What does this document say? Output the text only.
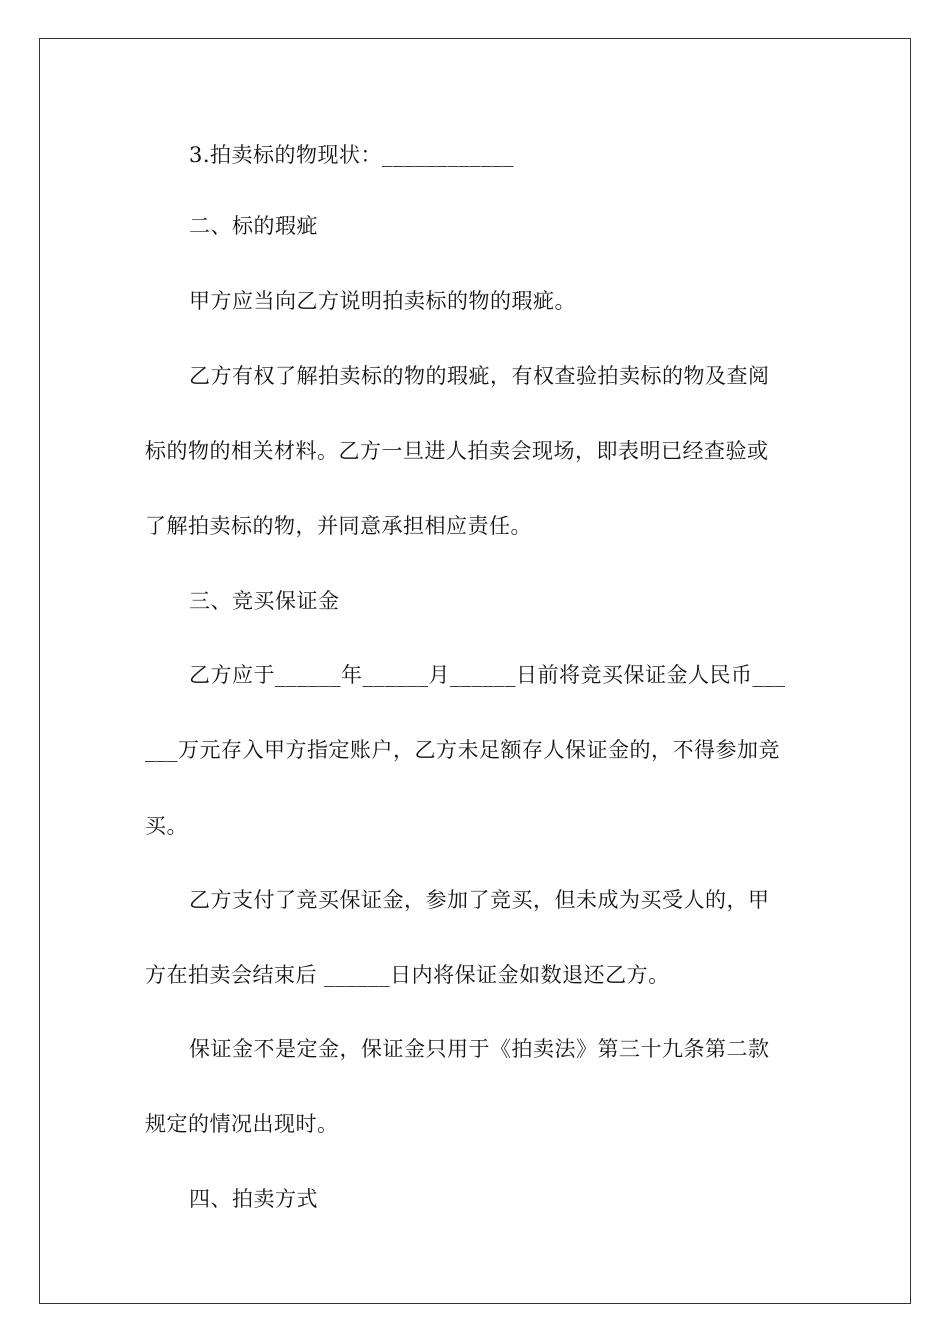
3.拍卖标的物现状：____________
二、标的瑕疵
甲方应当向乙方说明拍卖标的物的瑕疵。
乙方有权了解拍卖标的物的瑕疵，有权查验拍卖标的物及查阅
标的物的相关材料。乙方一旦进人拍卖会现场，即表明已经查验或
了解拍卖标的物，并同意承担相应责任。
三、竞买保证金
乙方应于______年______月______日前将竞买保证金人民币___
___万元存入甲方指定账户，乙方未足额存人保证金的，不得参加竞
买。
乙方支付了竞买保证金，参加了竞买，但未成为买受人的，甲
方在拍卖会结束后 ______日内将保证金如数退还乙方。
保证金不是定金，保证金只用于《拍卖法》第三十九条第二款
规定的情况出现时。
四、拍卖方式
